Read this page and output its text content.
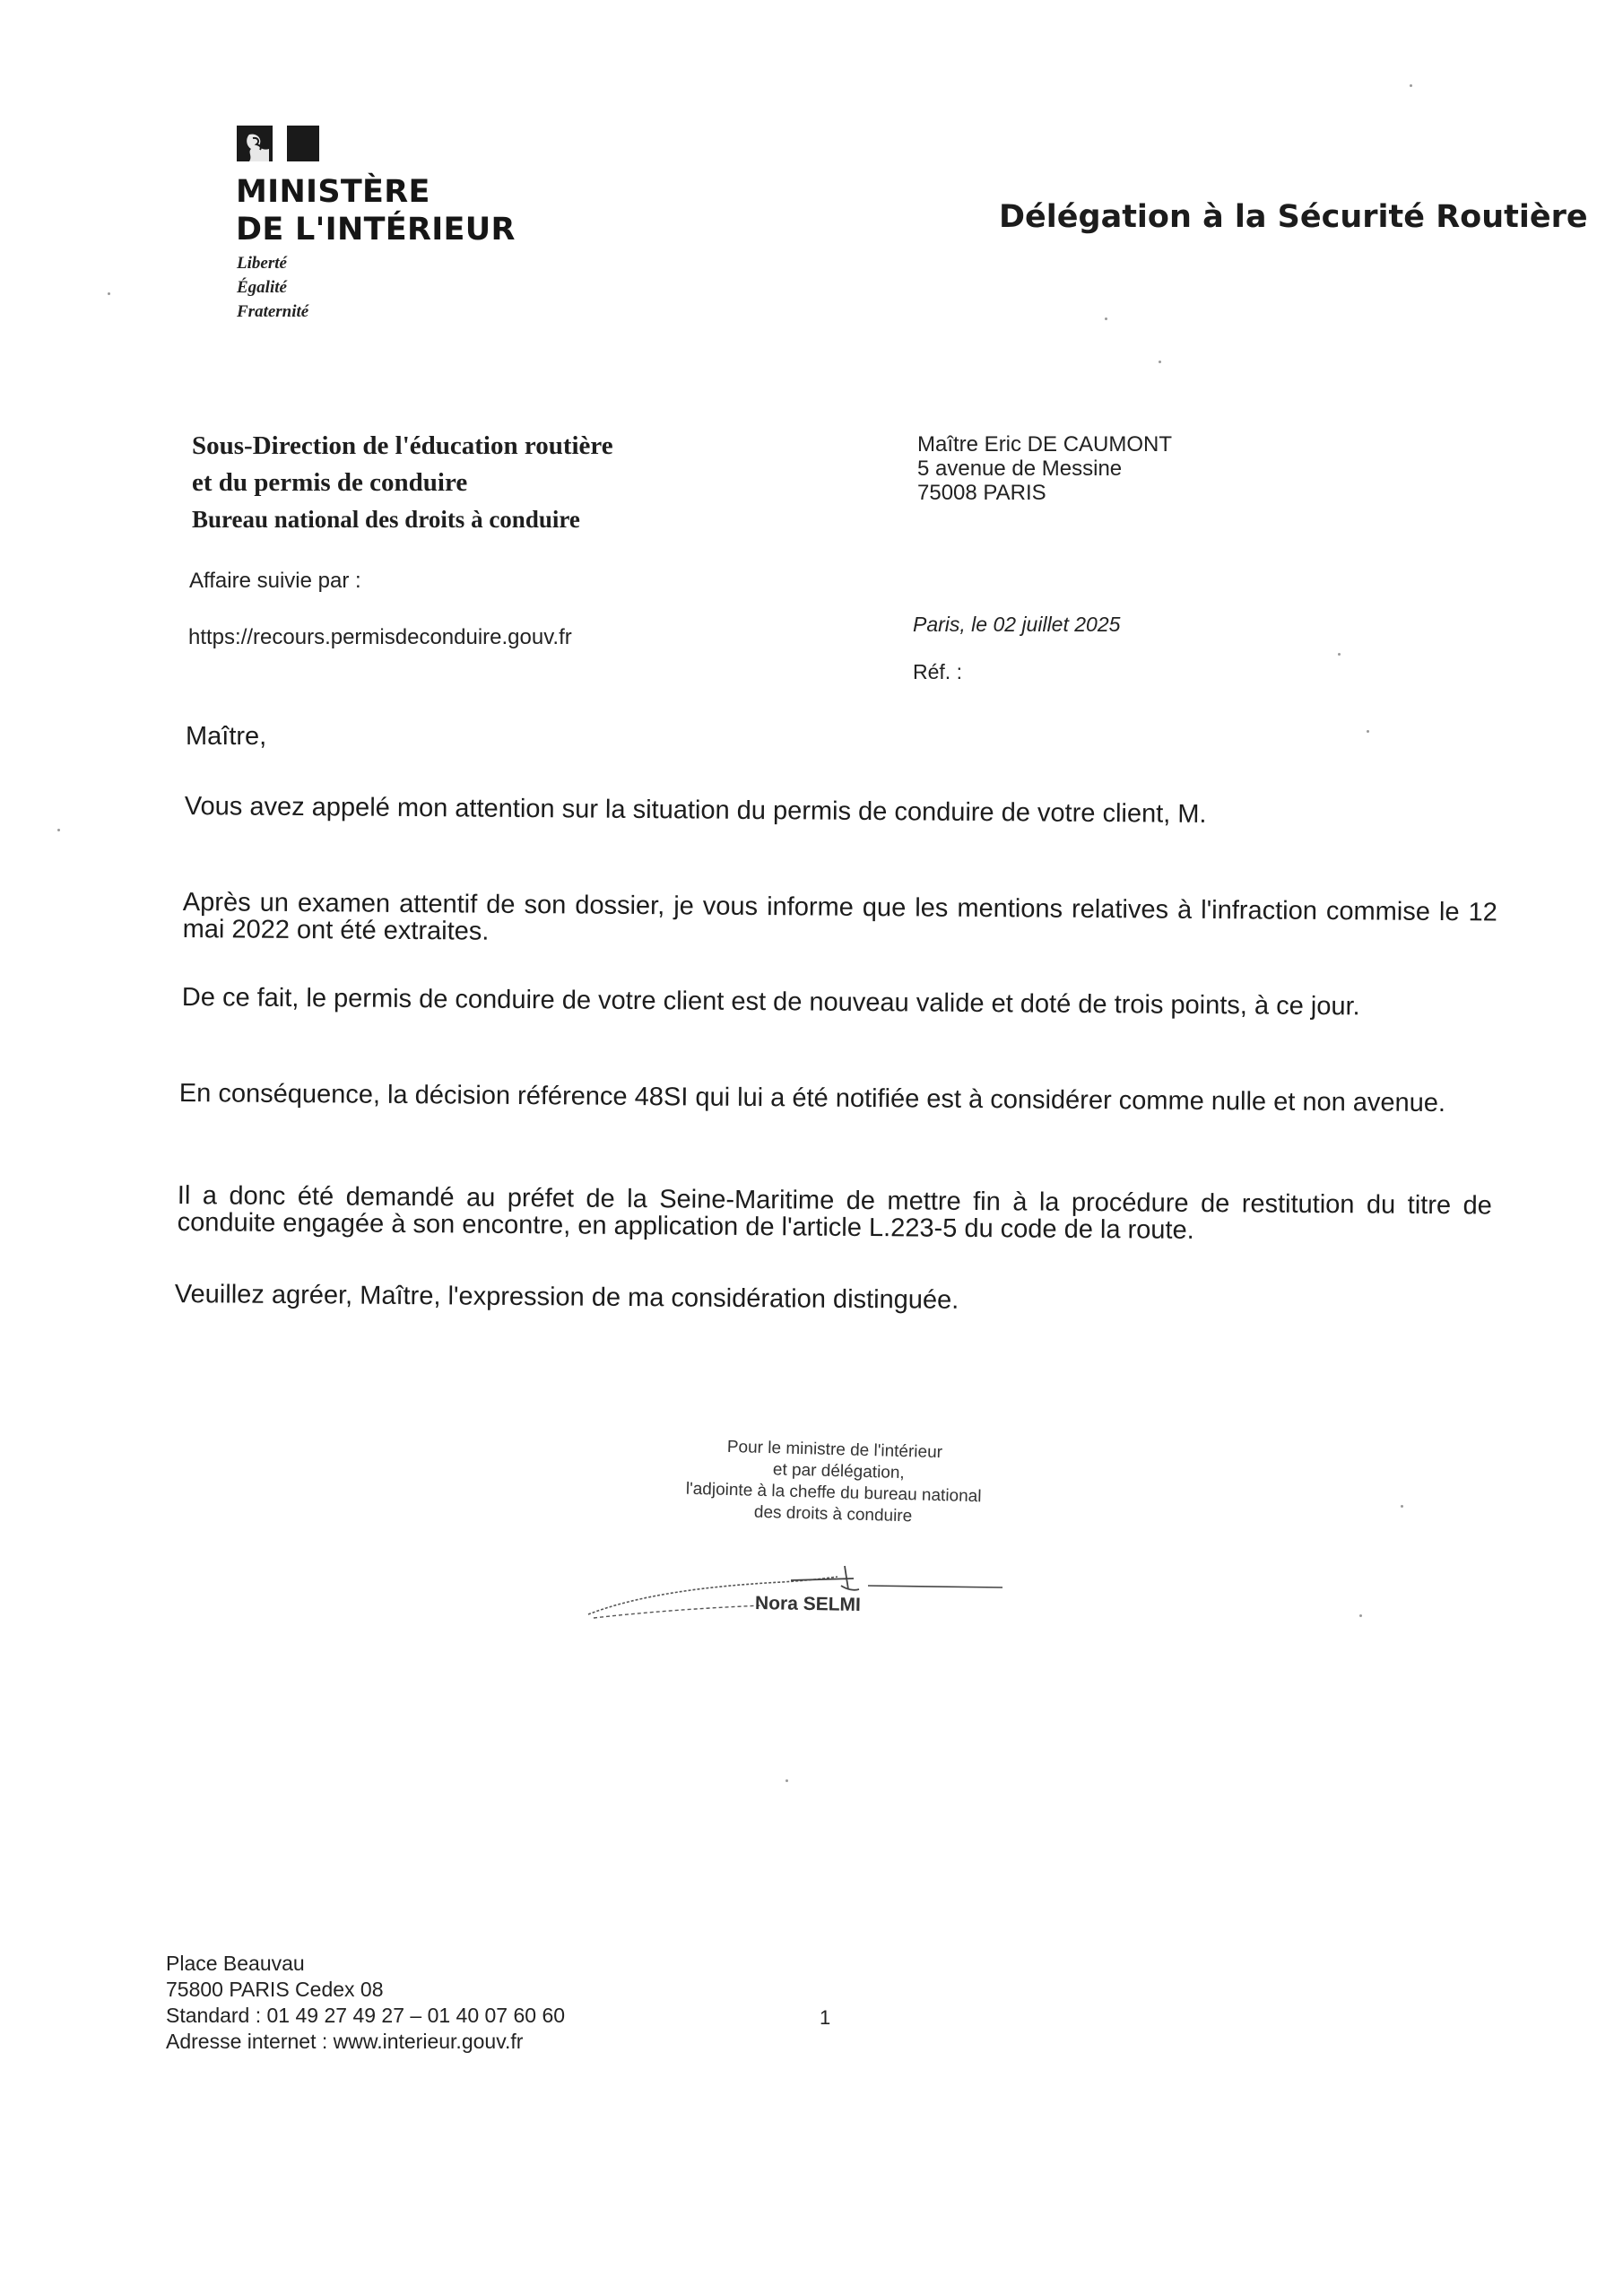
MINISTÈRE
DE L'INTÉRIEUR
Liberté
Égalité
Fraternité
Délégation à la Sécurité Routière
Sous-Direction de l'éducation routière
et du permis de conduire
Bureau national des droits à conduire
Affaire suivie par :
https://recours.permisdeconduire.gouv.fr
Maître Eric DE CAUMONT
5 avenue de Messine
75008 PARIS
Paris, le 02 juillet 2025
Réf. :

Maître,

Vous avez appelé mon attention sur la situation du permis de conduire de votre client, M.

Après un examen attentif de son dossier, je vous informe que les mentions relatives à l'infraction commise le 12 mai 2022 ont été extraites.

De ce fait, le permis de conduire de votre client est de nouveau valide et doté de trois points, à ce jour.

En conséquence, la décision référence 48SI qui lui a été notifiée est à considérer comme nulle et non avenue.

Il a donc été demandé au préfet de la Seine-Maritime de mettre fin à la procédure de restitution du titre de conduite engagée à son encontre, en application de l'article L.223-5 du code de la route.

Veuillez agréer, Maître, l'expression de ma considération distinguée.

Pour le ministre de l'intérieur
et par délégation,
l'adjointe à la cheffe du bureau national
des droits à conduire
Nora SELMI
Place Beauvau
75800 PARIS Cedex 08
Standard : 01 49 27 49 27 – 01 40 07 60 60
Adresse internet : www.interieur.gouv.fr
1
